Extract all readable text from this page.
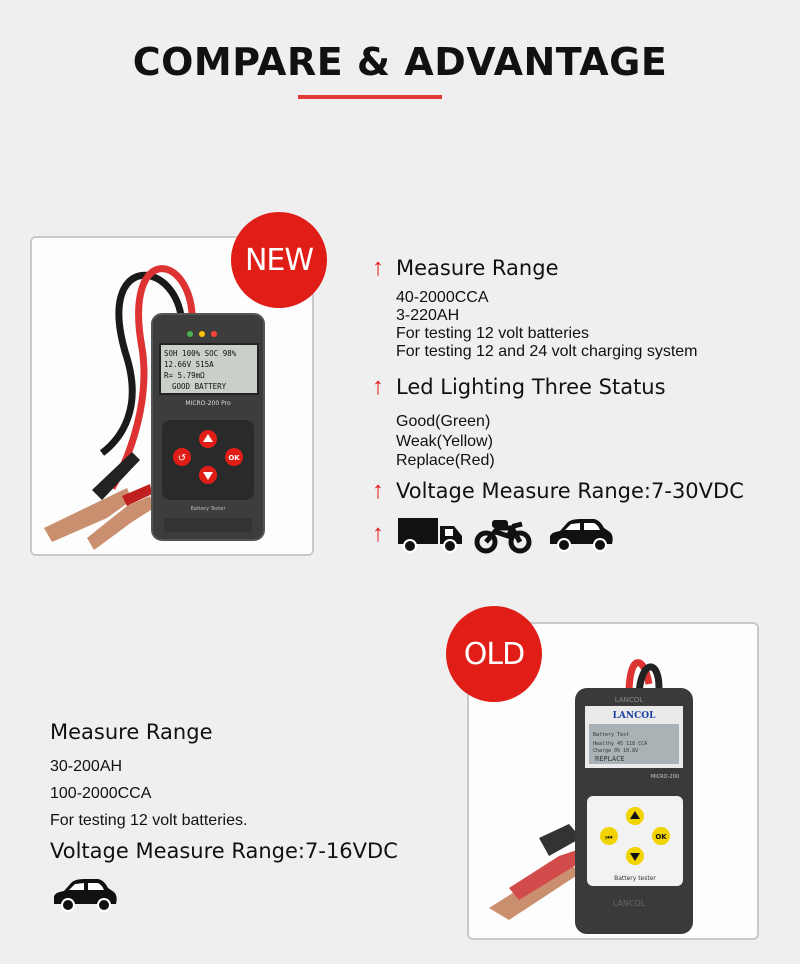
COMPARE & ADVANTAGE
SOH 100% SOC 98%
12.66V 515A
R= 5.79mΩ
GOOD BATTERY
MICRO-200 Pro
↺	OK
Battery Tester
NEW	↑ Measure Range
40-2000CCA
3-220AH
For testing 12 volt batteries
For testing 12 and 24 volt charging system
↑ Led Lighting Three Status
Good(Green)
Weak(Yellow)
Replace(Red)
↑ Voltage Measure Range:7-30VDC
↑
LANCOL
LANCOL
Battery Test
Healthy 45 118 CCA
Charge 0% 10.8V
REPLACE
MICRO-200
⏮	OK
Battery tester
LANCOL
OLD
Measure Range
30-200AH
100-2000CCA
For testing 12 volt batteries.
Voltage Measure Range:7-16VDC
